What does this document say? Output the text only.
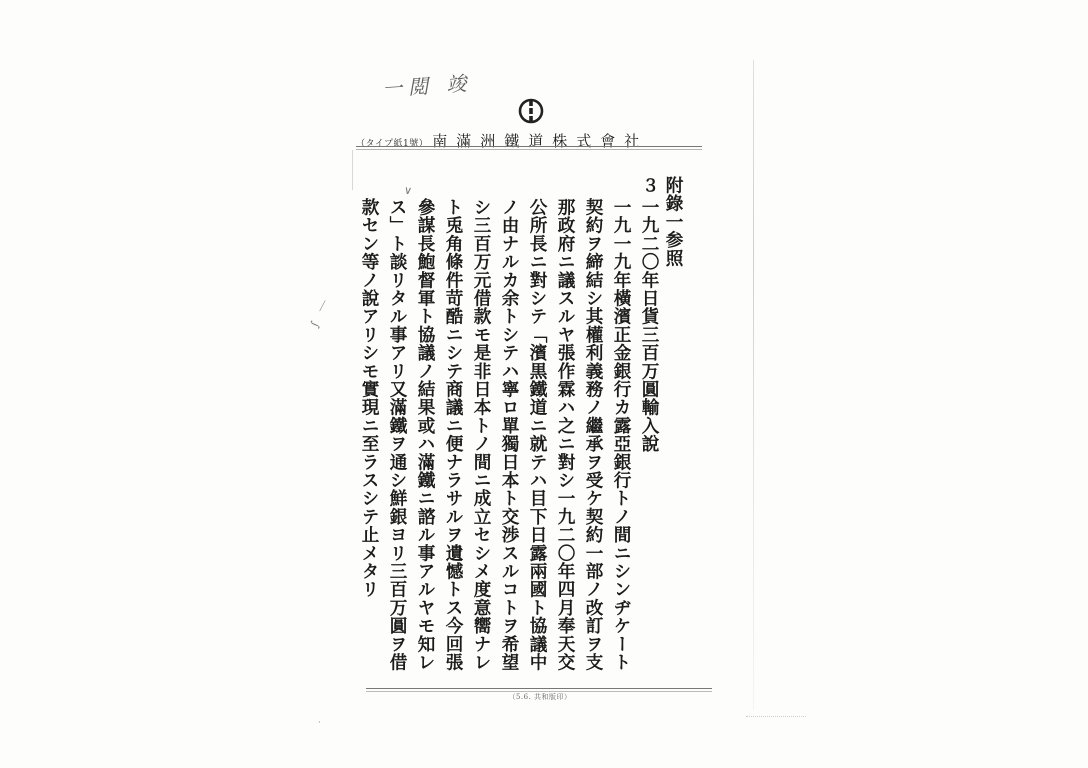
一閲 竣
（タイプ紙1號） 南滿洲鐵道株式會社
附錄一参照
３
一九二〇年日貨三百万圓輸入說
一九一九年橫濱正金銀行カ露亞銀行トノ間ニシンヂケート
契約ヲ締結シ其權利義務ノ繼承ヲ受ケ契約一部ノ改訂ヲ支
那政府ニ議スルヤ張作霖ハ之ニ對シ一九二〇年四月奉天交
公所長ニ對シテ「濱黒鐵道ニ就テハ目下日露兩國ト協議中
ノ由ナルカ余トシテハ寧ロ單獨日本ト交渉スルコトヲ希望
シ三百万元借款モ是非日本トノ間ニ成立セシメ度意嚮ナレ
ト兎角條件苛酷ニシテ商議ニ便ナラサルヲ遺憾トス今回張
參謀長鮑督軍ト協議ノ結果或ハ滿鐵ニ諮ル事アルヤモ知レ
ス」ト談リタル事アリ又滿鐵ヲ通シ鮮銀ヨリ三百万圓ヲ借
款セン等ノ說アリシモ實現ニ至ラスシテ止メタリ
⟋
∫
∨
（5.6. 共和版印）
·
